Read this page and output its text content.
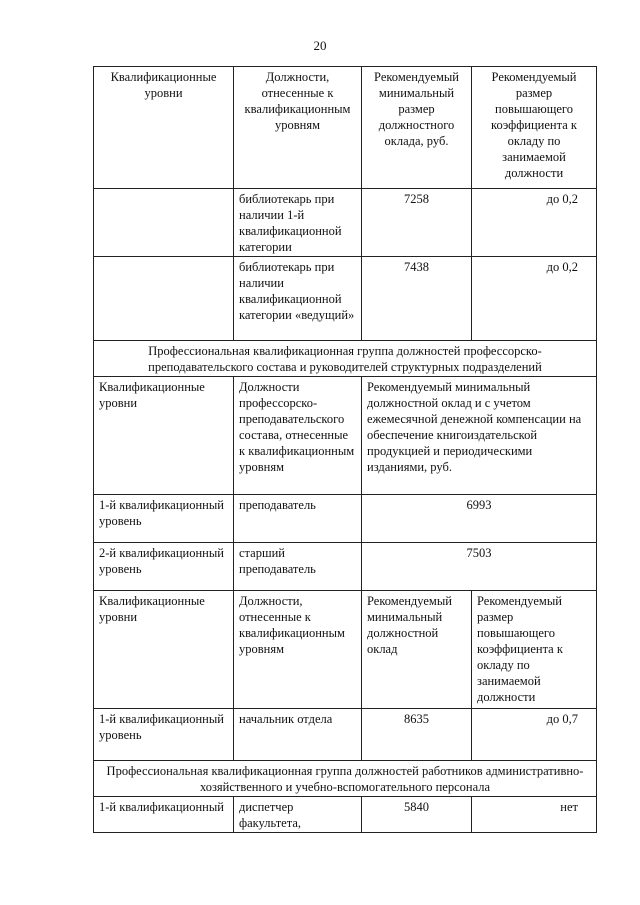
20
Квалификационные уровни	Должности, отнесенные к квалификационным уровням	Рекомендуемый минимальный размер должностного оклада, руб.	Рекомендуемый размер повышающего коэффициента к окладу по занимаемой должности
	библиотекарь при наличии 1-й квалификационной категории	7258	до 0,2
	библиотекарь при наличии квалификационной категории «ведущий»	7438	до 0,2
Профессиональная квалификационная группа должностей профессорско-преподавательского состава и руководителей структурных подразделений			
Квалификационные уровни	Должности профессорско-преподавательского состава, отнесенные к квалификационным уровням	Рекомендуемый минимальный должностной оклад и с учетом ежемесячной денежной компенсации на обеспечение книгоиздательской продукцией и периодическими изданиями, руб.	
1-й квалификационный уровень	преподаватель	6993	
2-й квалификационный уровень	старший преподаватель	7503	
Квалификационные уровни	Должности, отнесенные к квалификационным уровням	Рекомендуемый минимальный должностной оклад	Рекомендуемый размер повышающего коэффициента к окладу по занимаемой должности
1-й квалификационный уровень	начальник отдела	8635	до 0,7
Профессиональная квалификационная группа должностей работников административно-хозяйственного и учебно-вспомогательного персонала			
1-й квалификационный	диспетчер факультета,	5840	нет
